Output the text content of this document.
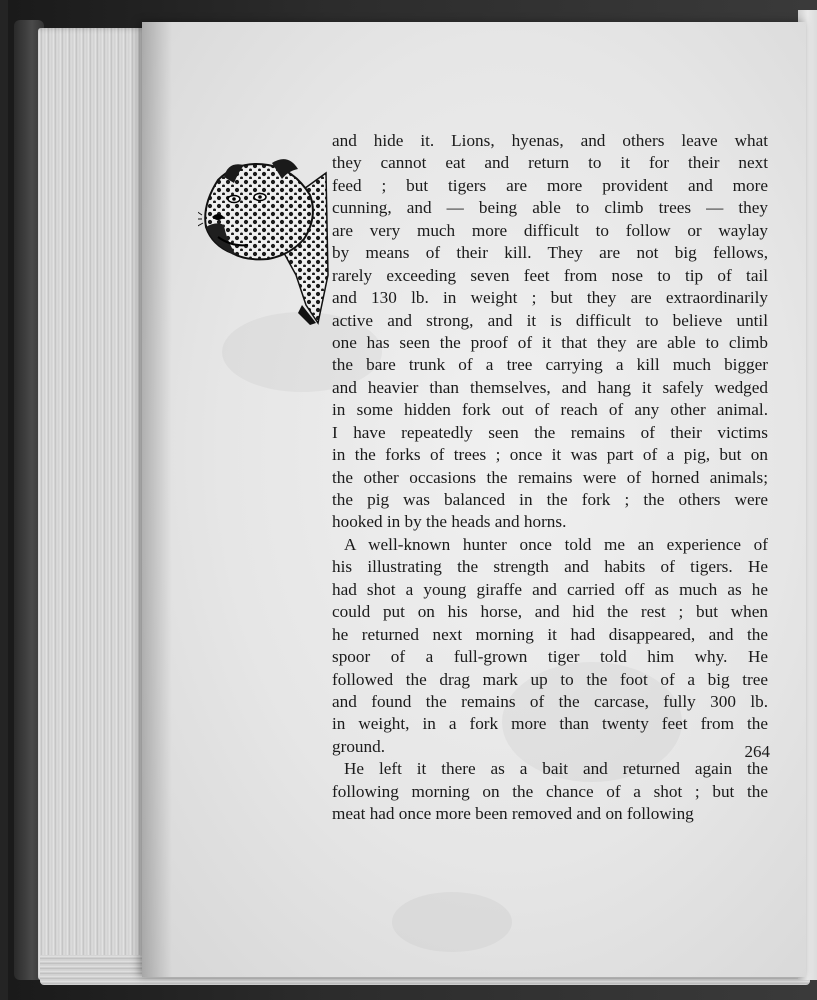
and hide it. Lions, hyenas, and others leave what
they cannot eat and return to it for their next
feed ; but tigers are more provident and more
cunning, and — being able to climb trees — they
are very much more difficult to follow or waylay
by means of their kill. They are not big fellows,
rarely exceeding seven feet from nose to tip of tail
and 130 lb. in weight ; but they are extraordinarily
active and strong, and it is difficult to believe until
one has seen the proof of it that they are able to climb
the bare trunk of a tree carrying a kill much bigger
and heavier than themselves, and hang it safely wedged
in some hidden fork out of reach of any other animal.
I have repeatedly seen the remains of their victims
in the forks of trees ; once it was part of a pig, but on
the other occasions the remains were of horned animals;
the pig was balanced in the fork ; the others were
hooked in by the heads and horns.

A well-known hunter once told me an experience of
his illustrating the strength and habits of tigers. He
had shot a young giraffe and carried off as much as he
could put on his horse, and hid the rest ; but when
he returned next morning it had disappeared, and the
spoor of a full-grown tiger told him why. He
followed the drag mark up to the foot of a big tree
and found the remains of the carcase, fully 300 lb.
in weight, in a fork more than twenty feet from the
ground.

He left it there as a bait and returned again the
following morning on the chance of a shot ; but the
meat had once more been removed and on following

264
